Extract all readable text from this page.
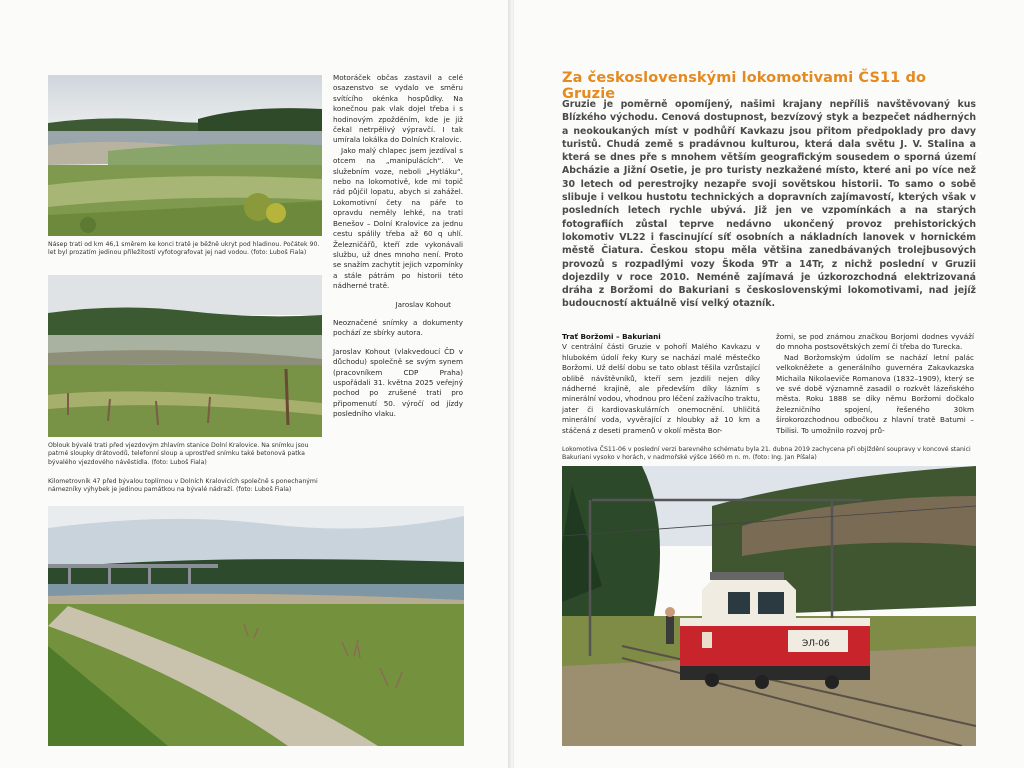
Násep trati od km 46,1 směrem ke konci tratě je běžně ukryt pod hladinou. Počátek 90. let byl prozatím jedinou příležitostí vyfotografovat jej nad vodou. (foto: Luboš Fiala)

Oblouk bývalé trati před vjezdovým zhlavím stanice Dolní Kralovice. Na snímku jsou patrné sloupky drátovodů, telefonní sloup a uprostřed snímku také betonová patka bývalého vjezdového návěstidla. (foto: Luboš Fiala)

Kilometrovník 47 před bývalou toplírnou v Dolních Kralovicích společně s ponechanými námezníky výhybek je jedinou památkou na bývalé nádraží. (foto: Luboš Fiala)

Motoráček občas zastavil a celé osazenstvo se vydalo ve směru svítícího okénka hospůdky. Na konečnou pak vlak dojel třeba i s hodinovým zpožděním, kde je již čekal netrpělivý výpravčí. I tak umírala lokálka do Dolních Kralovic.

Jako malý chlapec jsem jezdíval s otcem na „manipulácích“. Ve služebním voze, neboli „Hytláku“, nebo na lokomotivě, kde mi topič rád půjčil lopatu, abych si zahážel. Lokomotivní čety na páře to opravdu neměly lehké, na trati Benešov – Dolní Kralovice za jednu cestu spálily třeba až 60 q uhlí. Železničářů, kteří zde vykonávali službu, už dnes mnoho není. Proto se snažím zachytit jejich vzpomínky a stále pátrám po historii této nádherné tratě.

Jaroslav Kohout

Neoznačené snímky a dokumenty pochází ze sbírky autora.

Jaroslav Kohout (vlakvedoucí ČD v důchodu) společně se svým synem (pracovníkem CDP Praha) uspořádali 31. května 2025 veřejný pochod po zrušené trati pro připomenutí 50. výročí od jízdy posledního vlaku.

Za československými lokomotivami ČS11 do Gruzie

Gruzie je poměrně opomíjený, našimi krajany nepříliš navštěvovaný kus Blízkého východu. Cenová dostupnost, bezvízový styk a bezpečet nádherných a neokoukaných míst v podhůří Kavkazu jsou přitom předpoklady pro davy turistů. Chudá země s pradávnou kulturou, která dala světu J. V. Stalina a která se dnes pře s mnohem větším geografickým sousedem o sporná území Abcházie a Jižní Osetie, je pro turisty nezkažené místo, které ani po více než 30 letech od perestrojky nezapře svoji sovětskou historii. To samo o sobě slibuje i velkou hustotu technických a dopravních zajímavostí, kterých však v posledních letech rychle ubývá. Již jen ve vzpomínkách a na starých fotografiích zůstal teprve nedávno ukončený provoz prehistorických lokomotiv VL22 i fascinující síť osobních a nákladních lanovek v hornickém městě Čiatura. Českou stopu měla většina zanedbávaných trolejbusových provozů s rozpadlými vozy Škoda 9Tr a 14Tr, z nichž poslední v Gruzii dojezdily v roce 2010. Neméně zajímavá je úzkorozchodná elektrizovaná dráha z Boržomi do Bakuriani s československými lokomotivami, nad jejíž budoucností aktuálně visí velký otazník.

Trať Boržomi – Bakuriani

V centrální části Gruzie v pohoří Malého Kavkazu v hlubokém údolí řeky Kury se nachází malé městečko Boržomi. Už delší dobu se tato oblast těšila vzrůstající oblibě návštěvníků, kteří sem jezdili nejen díky nádherné krajině, ale především díky lázním s minerální vodou, vhodnou pro léčení zažívacího traktu, jater či kardiovaskulárních onemocnění. Uhličitá minerální voda, vyvěrající z hloubky až 10 km a stáčená z deseti pramenů v okolí města Bor-

žomi, se pod známou značkou Borjomi dodnes vyváží do mnoha postsovětských zemí či třeba do Turecka.

Nad Boržomským údolím se nachází letní palác velkokněžete a generálního guvernéra Zakavkazska Michaila Nikolaeviče Romanova (1832–1909), který se ve své době významně zasadil o rozkvět lázeňského města. Roku 1888 se díky němu Boržomi dočkalo železničního spojení, řešeného 30km širokorozchodnou odbočkou z hlavní tratě Batumi – Tbilisi. To umožnilo rozvoj prů-

Lokomotiva ČS11-06 v poslední verzi barevného schématu byla 21. dubna 2019 zachycena při objíždění soupravy v koncové stanici Bakuriani vysoko v horách, v nadmořské výšce 1660 m n. m. (foto: Ing. Jan Píšala)

ЭЛ-06
